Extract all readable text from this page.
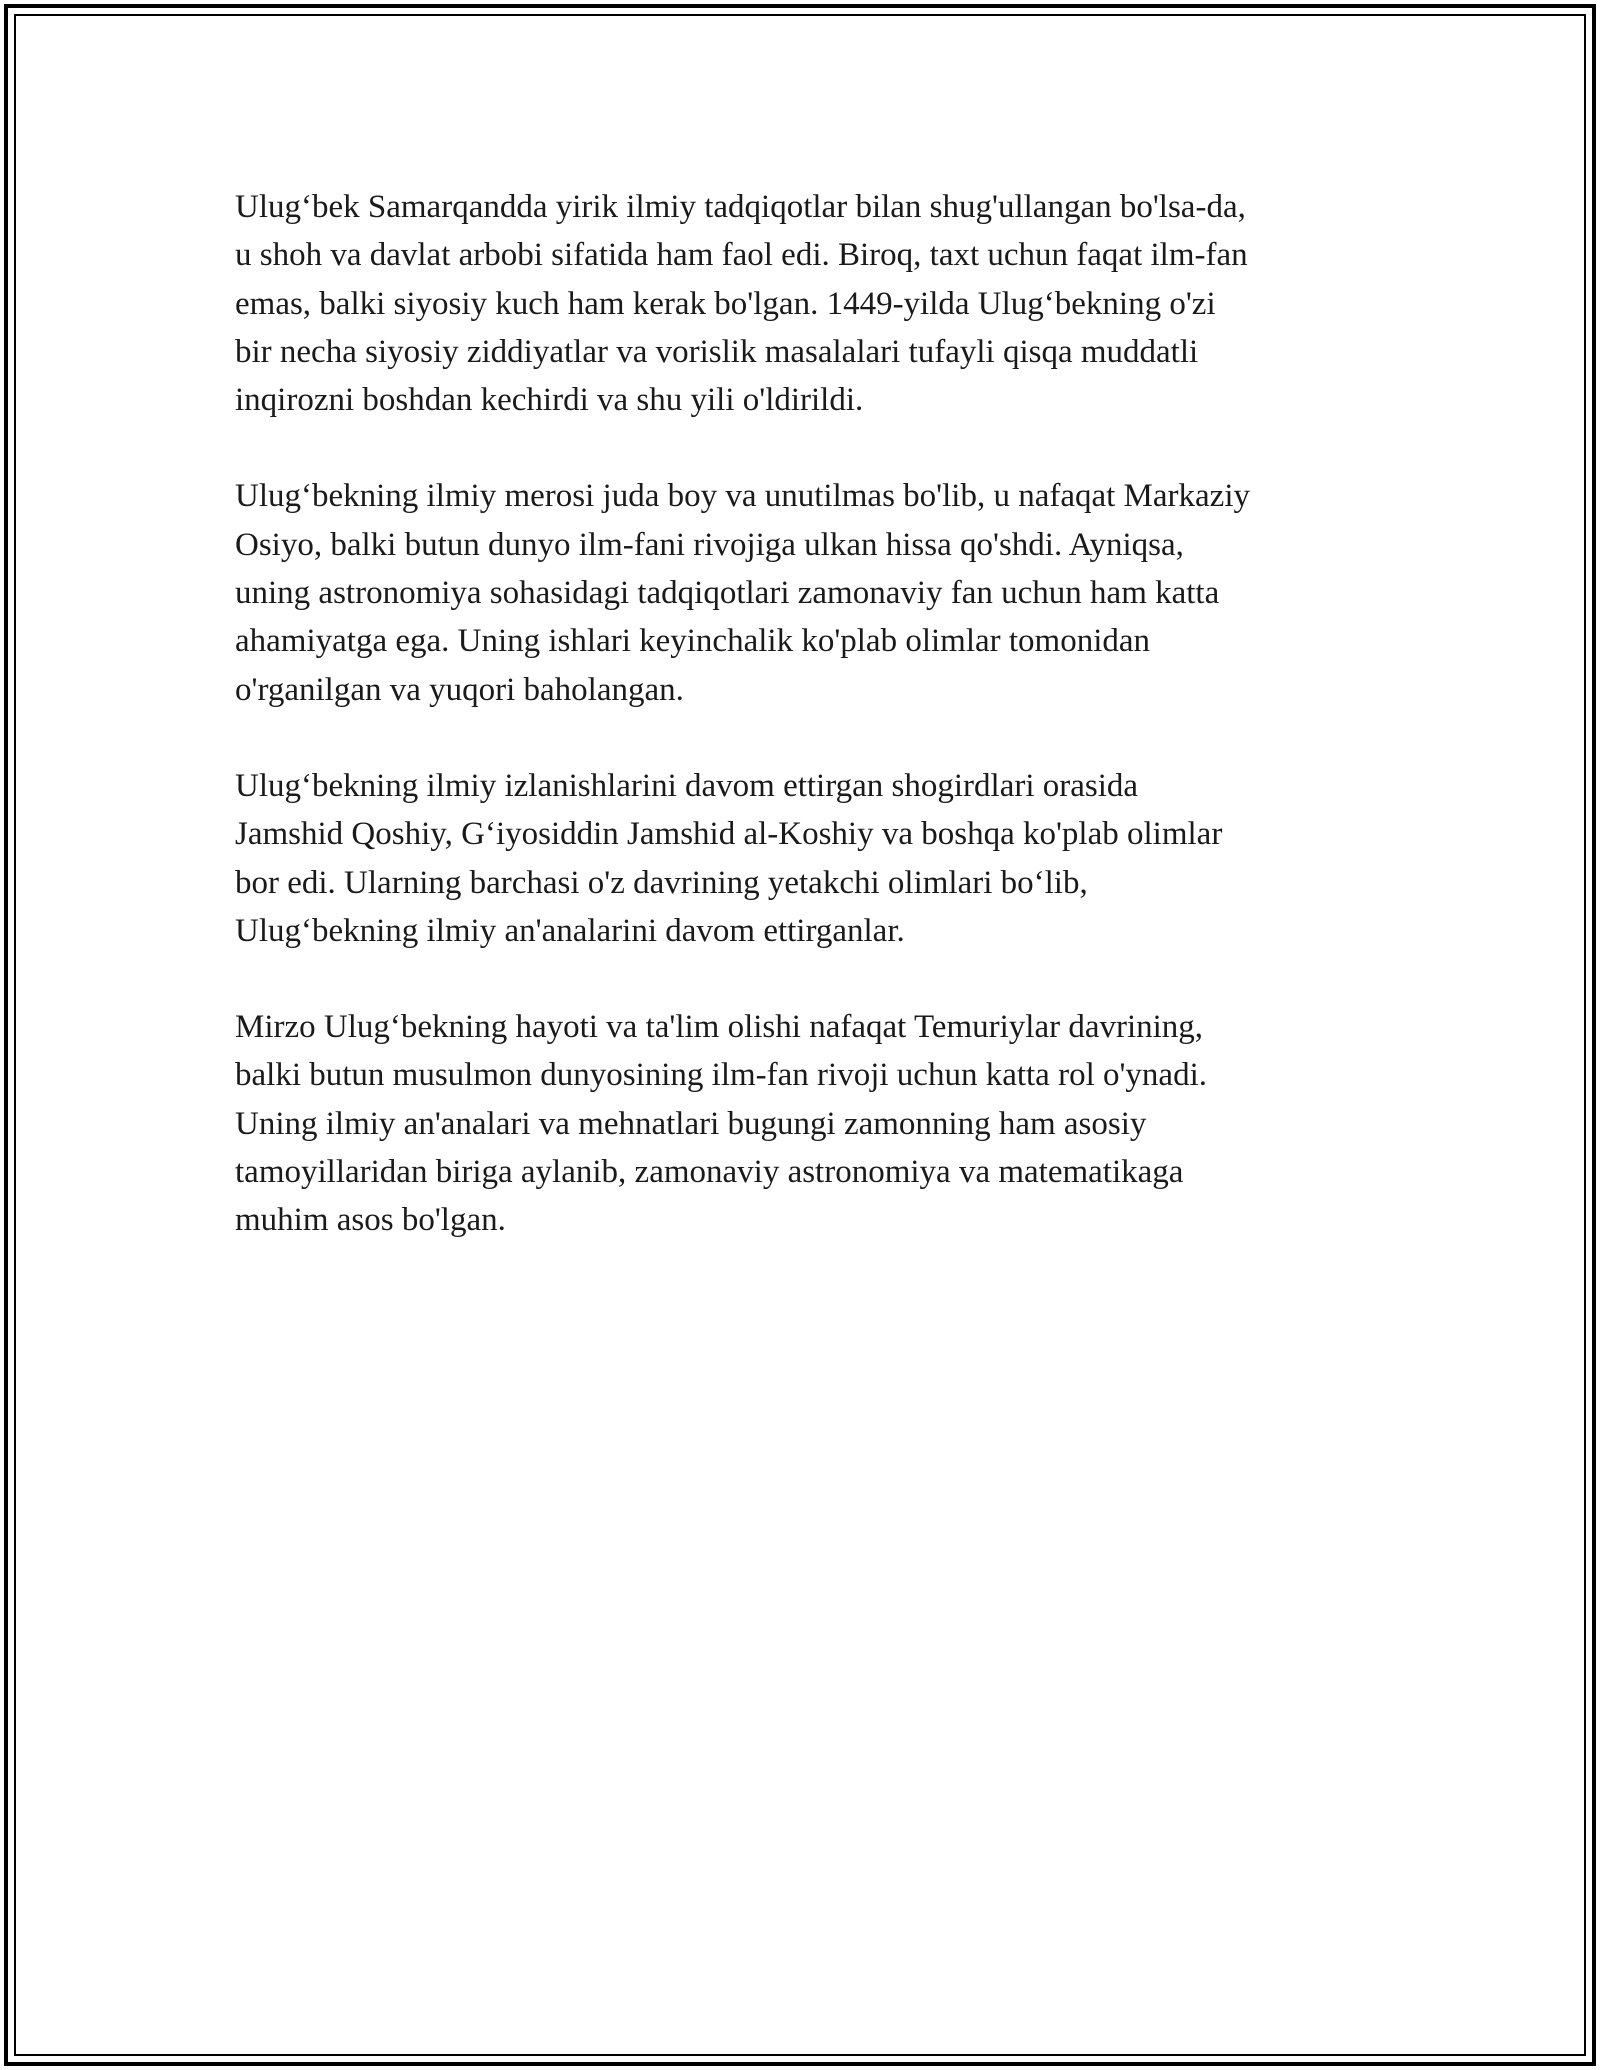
Ulug‘bek Samarqandda yirik ilmiy tadqiqotlar bilan shug'ullangan bo'lsa-da,
u shoh va davlat arbobi sifatida ham faol edi. Biroq, taxt uchun faqat ilm-fan
emas, balki siyosiy kuch ham kerak bo'lgan. 1449-yilda Ulug‘bekning o'zi
bir necha siyosiy ziddiyatlar va vorislik masalalari tufayli qisqa muddatli
inqirozni boshdan kechirdi va shu yili o'ldirildi.

Ulug‘bekning ilmiy merosi juda boy va unutilmas bo'lib, u nafaqat Markaziy
Osiyo, balki butun dunyo ilm-fani rivojiga ulkan hissa qo'shdi. Ayniqsa,
uning astronomiya sohasidagi tadqiqotlari zamonaviy fan uchun ham katta
ahamiyatga ega. Uning ishlari keyinchalik ko'plab olimlar tomonidan
o'rganilgan va yuqori baholangan.

Ulug‘bekning ilmiy izlanishlarini davom ettirgan shogirdlari orasida
Jamshid Qoshiy, G‘iyosiddin Jamshid al-Koshiy va boshqa ko'plab olimlar
bor edi. Ularning barchasi o'z davrining yetakchi olimlari bo‘lib,
Ulug‘bekning ilmiy an'analarini davom ettirganlar.

Mirzo Ulug‘bekning hayoti va ta'lim olishi nafaqat Temuriylar davrining,
balki butun musulmon dunyosining ilm-fan rivoji uchun katta rol o'ynadi.
Uning ilmiy an'analari va mehnatlari bugungi zamonning ham asosiy
tamoyillaridan biriga aylanib, zamonaviy astronomiya va matematikaga
muhim asos bo'lgan.
